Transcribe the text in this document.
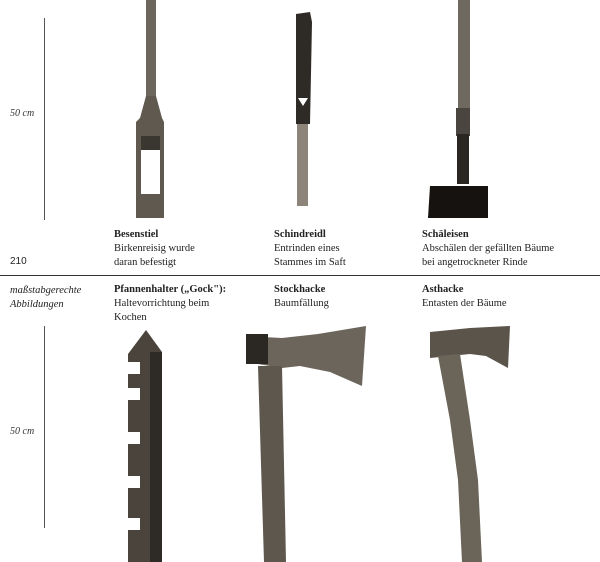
50 cm
50 cm
210
maßstabgerechte
Abbildungen
Besenstiel
Birkenreisig wurde
daran befestigt
Schindreidl
Entrinden eines
Stammes im Saft
Schäleisen
Abschälen der gefällten Bäume
bei angetrockneter Rinde
Pfannenhalter („Gock"):
Haltevorrichtung beim
Kochen
Stockhacke
Baumfällung
Asthacke
Entasten der Bäume
